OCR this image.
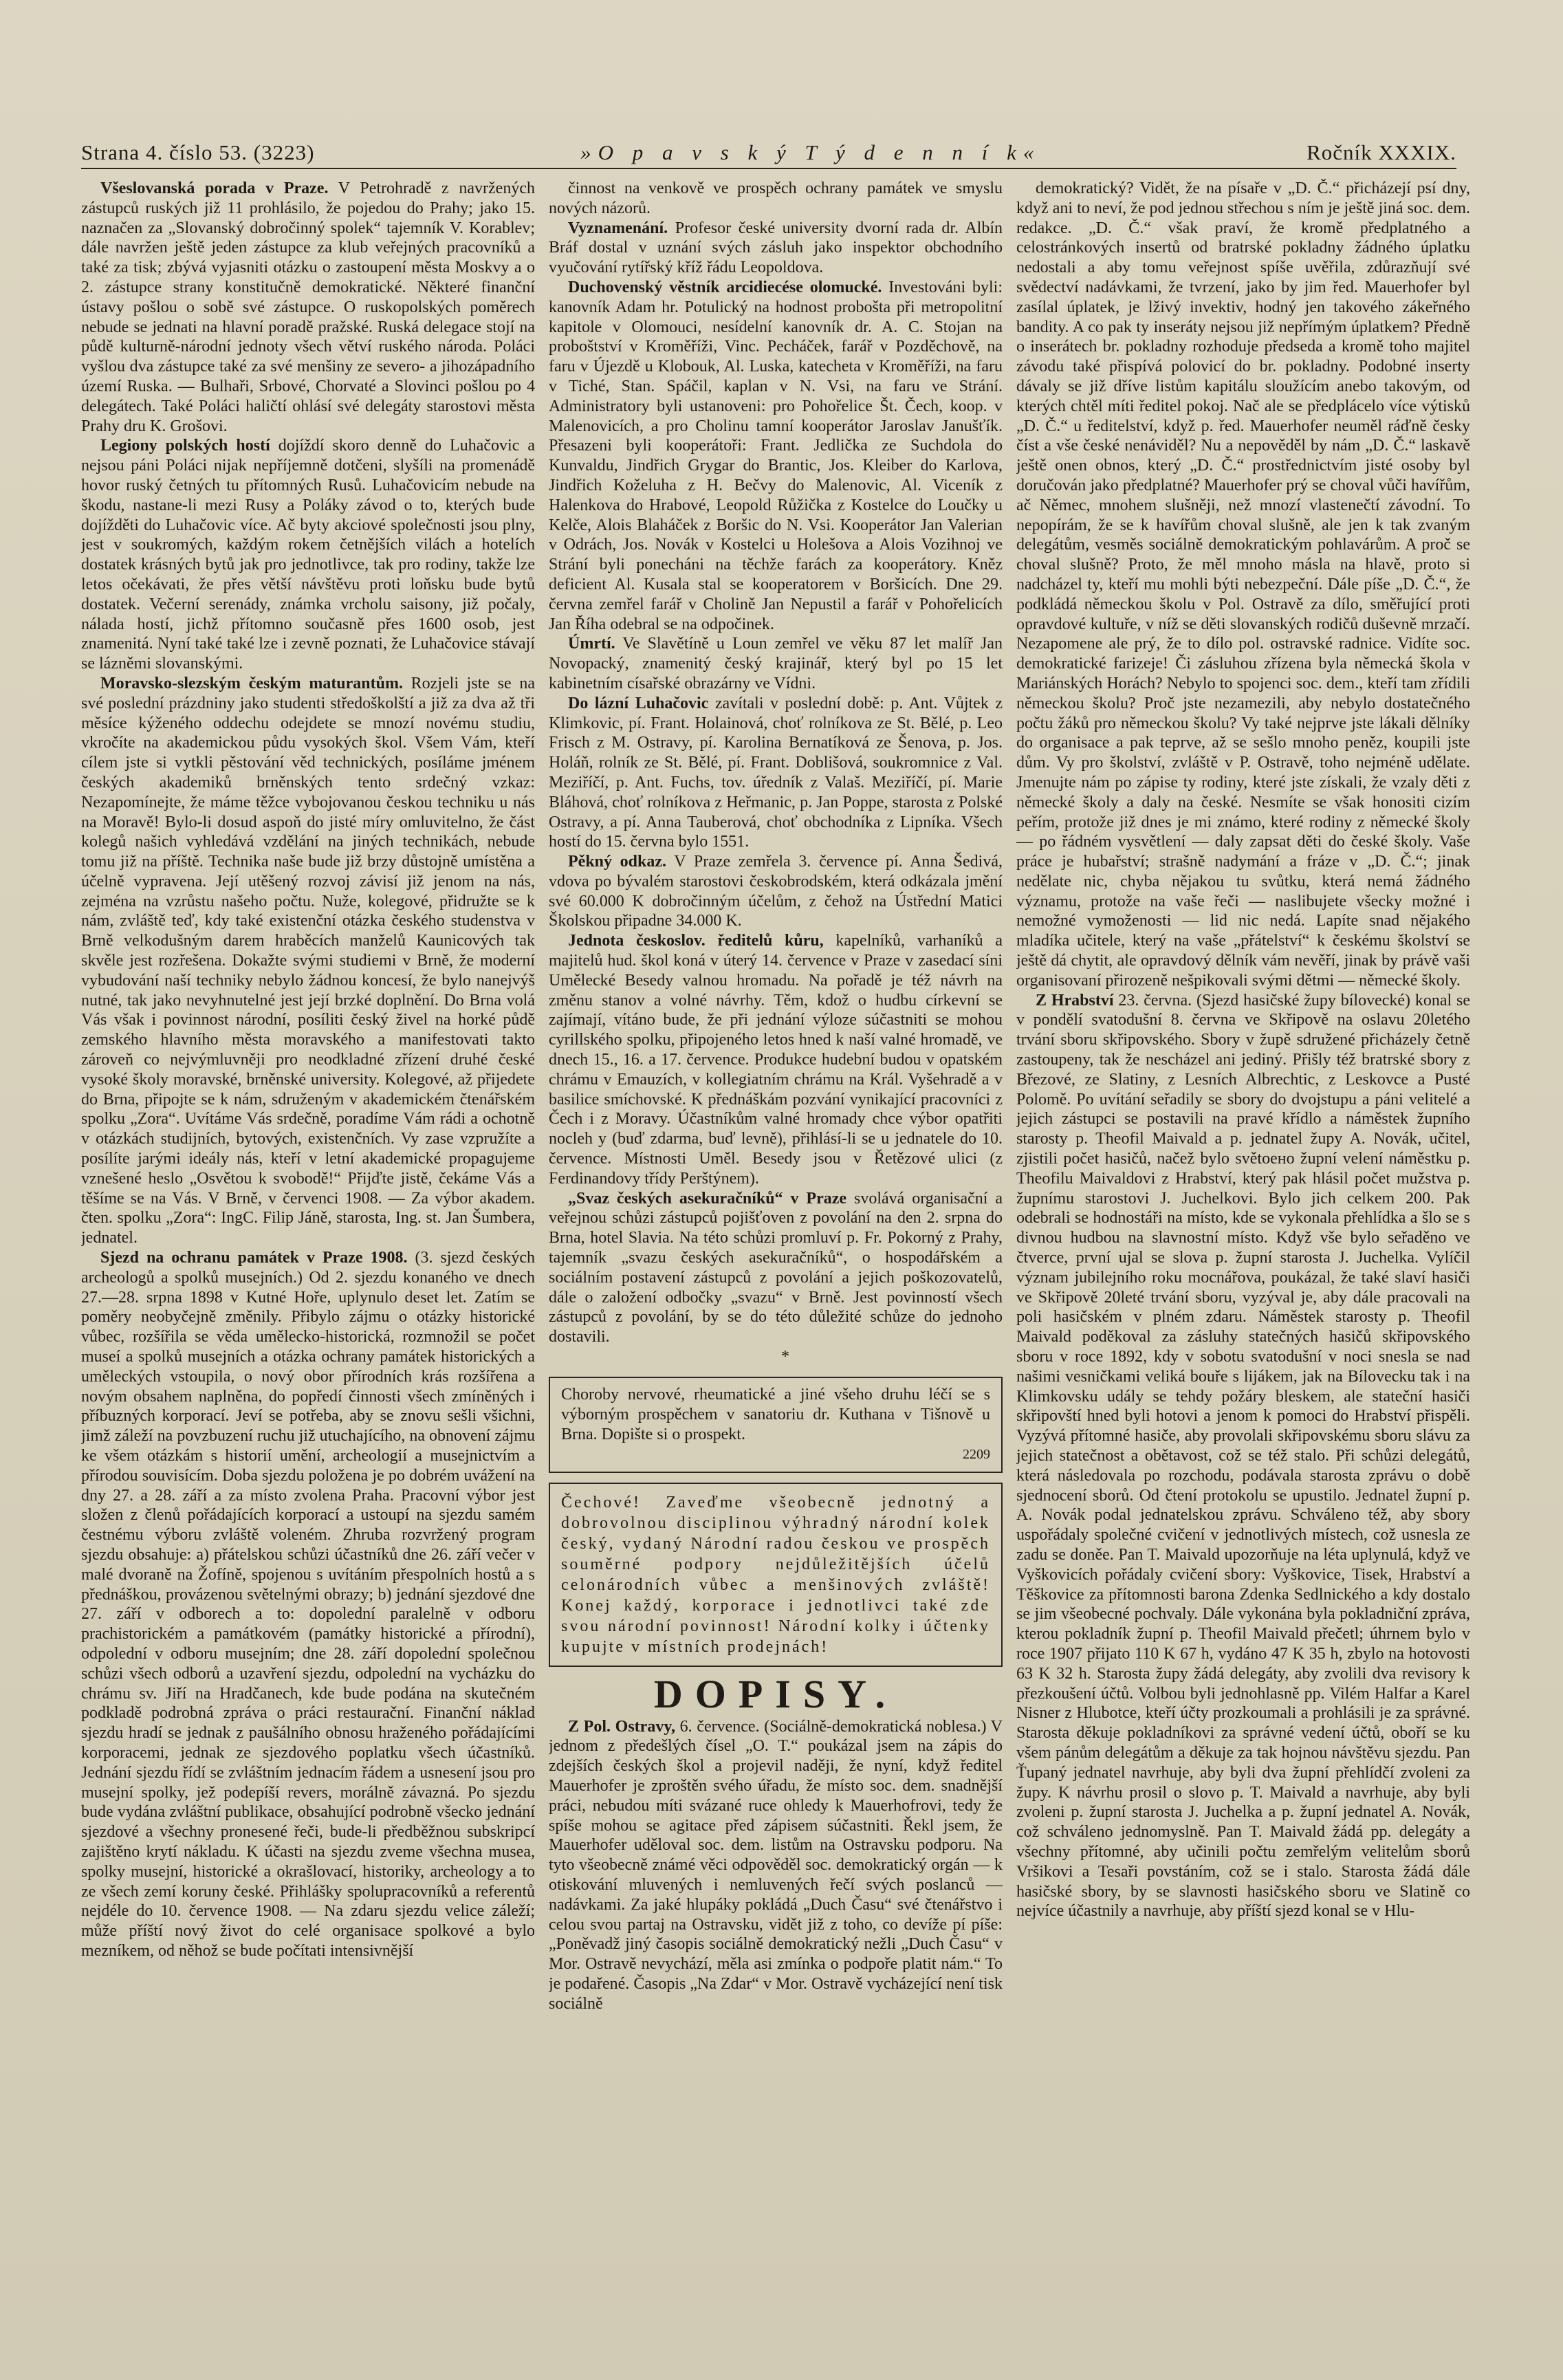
Strana 4. číslo 53. (3223)	»O p a v s k ý T ý d e n n í k«	Ročník XXXIX.

Všeslovanská porada v Praze. V Petrohradě z navržených zástupců ruských již 11 prohlásilo, že pojedou do Prahy; jako 15. naznačen za „Slovanský dobročinný spolek“ tajemník V. Korablev; dále navržen ještě jeden zástupce za klub veřejných pracovníků a také za tisk; zbývá vyjasniti otázku o zastoupení města Moskvy a o 2. zástupce strany konstitučně demokratické. Některé finanční ústavy pošlou o sobě své zástupce. O ruskopolských poměrech nebude se jednati na hlavní poradě pražské. Ruská delegace stojí na půdě kulturně-národní jednoty všech větví ruského národa. Poláci vyšlou dva zástupce také za své menšiny ze severo- a jihozápadního území Ruska. — Bulhaři, Srbové, Chorvaté a Slovinci pošlou po 4 delegátech. Také Poláci haličtí ohlásí své delegáty starostovi města Prahy dru K. Grošovi.

Legiony polských hostí dojíždí skoro denně do Luhačovic a nejsou páni Poláci nijak nepříjemně dotčeni, slyšíli na promenádě hovor ruský četných tu přítomných Rusů. Luhačovicím nebude na škodu, nastane-li mezi Rusy a Poláky závod o to, kterých bude dojížděti do Luhačovic více. Ač byty akciové společnosti jsou plny, jest v soukromých, každým rokem četnějších vilách a hotelích dostatek krásných bytů jak pro jednotlivce, tak pro rodiny, takže lze letos očekávati, že přes větší návštěvu proti loňsku bude bytů dostatek. Večerní serenády, známka vrcholu saisony, již počaly, nálada hostí, jichž přítomno současně přes 1600 osob, jest znamenitá. Nyní také také lze i zevně poznati, že Luhačovice stávají se lázněmi slovanskými.

Moravsko-slezským českým maturantům. Rozjeli jste se na své poslední prázdniny jako studenti středoškolští a již za dva až tři měsíce kýženého oddechu odejdete se mnozí novému studiu, vkročíte na akademickou půdu vysokých škol. Všem Vám, kteří cílem jste si vytkli pěstování věd technických, posíláme jménem českých akademiků brněnských tento srdečný vzkaz: Nezapomínejte, že máme těžce vybojovanou českou techniku u nás na Moravě! Bylo-li dosud aspoň do jisté míry omluvitelno, že část kolegů našich vyhledává vzdělání na jiných technikách, nebude tomu již na příště. Technika naše bude již brzy důstojně umístěna a účelně vypravena. Její utěšený rozvoj závisí již jenom na nás, zejména na vzrůstu našeho počtu. Nuže, kolegové, přidružte se k nám, zvláště teď, kdy také existenční otázka českého studenstva v Brně velkodušným darem hraběcích manželů Kaunicových tak skvěle jest rozřešena. Dokažte svými studiemi v Brně, že moderní vybudování naší techniky nebylo žádnou koncesí, že bylo nanejvýš nutné, tak jako nevyhnutelné jest její brzké doplnění. Do Brna volá Vás však i povinnost národní, posíliti český živel na horké půdě zemského hlavního města moravského a manifestovati takto zároveň co nejvýmluvněji pro neodkladné zřízení druhé české vysoké školy moravské, brněnské university. Kolegové, až přijedete do Brna, připojte se k nám, sdruženým v akademickém čtenářském spolku „Zora“. Uvítáme Vás srdečně, poradíme Vám rádi a ochotně v otázkách studijních, bytových, existenčních. Vy zase vzpružíte a posílíte jarými ideály nás, kteří v letní akademické propagujeme vznešené heslo „Osvětou k svobodě!“ Přijďte jistě, čekáme Vás a těšíme se na Vás. V Brně, v červenci 1908. — Za výbor akadem. čten. spolku „Zora“: IngC. Filip Jáně, starosta, Ing. st. Jan Šumbera, jednatel.

Sjezd na ochranu památek v Praze 1908. (3. sjezd českých archeologů a spolků musejních.) Od 2. sjezdu konaného ve dnech 27.—28. srpna 1898 v Kutné Hoře, uplynulo deset let. Zatím se poměry neobyčejně změnily. Přibylo zájmu o otázky historické vůbec, rozšířila se věda umělecko-historická, rozmnožil se počet museí a spolků musejních a otázka ochrany památek historických a uměleckých vstoupila, o nový obor přírodních krás rozšířena a novým obsahem naplněna, do popředí činnosti všech zmíněných i příbuzných korporací. Jeví se potřeba, aby se znovu sešli všichni, jimž záleží na povzbuzení ruchu již utuchajícího, na obnovení zájmu ke všem otázkám s historií umění, archeologií a musejnictvím a přírodou souvisícím. Doba sjezdu položena je po dobrém uvážení na dny 27. a 28. září a za místo zvolena Praha. Pracovní výbor jest složen z členů pořádajících korporací a ustoupí na sjezdu samém čestnému výboru zvláště voleném. Zhruba rozvržený program sjezdu obsahuje: a) přátelskou schůzi účastníků dne 26. září večer v malé dvoraně na Žofíně, spojenou s uvítáním přespolních hostů a s přednáškou, provázenou světelnými obrazy; b) jednání sjezdové dne 27. září v odborech a to: dopolední paralelně v odboru prachistorickém a památkovém (památky historické a přírodní), odpolední v odboru musejním; dne 28. září dopolední společnou schůzi všech odborů a uzavření sjezdu, odpolední na vycházku do chrámu sv. Jiří na Hradčanech, kde bude podána na skutečném podkladě podrobná zpráva o práci restaurační. Finanční náklad sjezdu hradí se jednak z paušálního obnosu hraženého pořádajícími korporacemi, jednak ze sjezdového poplatku všech účastníků. Jednání sjezdu řídí se zvláštním jednacím řádem a usnesení jsou pro musejní spolky, jež podepíší revers, morálně závazná. Po sjezdu bude vydána zvláštní publikace, obsahující podrobně všecko jednání sjezdové a všechny pronesené řeči, bude-li předběžnou subskripcí zajištěno krytí nákladu. K účasti na sjezdu zveme všechna musea, spolky musejní, historické a okrašlovací, historiky, archeology a to ze všech zemí koruny české. Přihlášky spolupracovníků a referentů nejdéle do 10. července 1908. — Na zdaru sjezdu velice záleží; může příští nový život do celé organisace spolkové a bylo mezníkem, od něhož se bude počítati intensivnější

činnost na venkově ve prospěch ochrany památek ve smyslu nových názorů.

Vyznamenání. Profesor české university dvorní rada dr. Albín Bráf dostal v uznání svých zásluh jako inspektor obchodního vyučování rytířský kříž řádu Leopoldova.

Duchovenský věstník arcidiecése olomucké. Investováni byli: kanovník Adam hr. Potulický na hodnost proboštа při metropolitní kapitole v Olomouci, nesídelní kanovník dr. A. C. Stojan na proboštství v Kroměříži, Vinc. Pecháček, farář v Pozděchově, na faru v Újezdě u Klobouk, Al. Luska, katecheta v Kroměříži, na faru v Tiché, Stan. Spáčil, kaplan v N. Vsi, na faru ve Strání. Administratory byli ustanoveni: pro Pohořelice Št. Čech, koop. v Malenovicích, a pro Cholinu tamní kooperátor Jaroslav Janušťík. Přesazeni byli kooperátoři: Frant. Jedlička ze Suchdola do Kunvaldu, Jindřich Grygar do Brantic, Jos. Kleiber do Karlova, Jindřich Koželuha z H. Bečvy do Malenovic, Al. Viceník z Halenkova do Hrabové, Leopold Růžička z Kostelce do Loučky u Kelče, Alois Blaháček z Boršic do N. Vsi. Kooperátor Jan Valerian v Odrách, Jos. Novák v Kostelci u Holešova a Alois Vozihnoj ve Strání byli ponecháni na těchže farách za kooperátory. Kněz deficient Al. Kusala stal se kooperatorem v Boršicích. Dne 29. června zemřel farář v Cholině Jan Nepustil a farář v Pohořelicích Jan Říha odebral se na odpočinek.

Úmrtí. Ve Slavětíně u Loun zemřel ve věku 87 let malíř Jan Novopacký, znamenitý český krajinář, který byl po 15 let kabinetním císařské obrazárny ve Vídni.

Do lázní Luhačovic zavítali v poslední době: p. Ant. Vůjtek z Klimkovic, pí. Frant. Holainová, choť rolníkova ze St. Bělé, p. Leo Frisch z M. Ostravy, pí. Karolina Bernatíková ze Šenova, p. Jos. Holáň, rolník ze St. Bělé, pí. Frant. Doblišová, soukromnice z Val. Meziříčí, p. Ant. Fuchs, tov. úředník z Valaš. Meziříčí, pí. Marie Bláhová, choť rolníkova z Heřmanic, p. Jan Poppe, starosta z Polské Ostravy, a pí. Anna Tauberová, choť obchodníka z Lipníka. Všech hostí do 15. června bylo 1551.

Pěkný odkaz. V Praze zemřela 3. července pí. Anna Šedivá, vdova po bývalém starostovi českobrodském, která odkázala jmění své 60.000 K dobročinným účelům, z čehož na Ústřední Matici Školskou připadne 34.000 K.

Jednota českoslov. ředitelů kůru, kapelníků, varhaníků a majitelů hud. škol koná v úterý 14. července v Praze v zasedací síni Umělecké Besedy valnou hromadu. Na pořadě je též návrh na změnu stanov a volné návrhy. Těm, kdož o hudbu církevní se zajímají, vítáno bude, že při jednání výloze súčastniti se mohou cyrillského spolku, připojeného letos hned k naší valné hromadě, ve dnech 15., 16. a 17. července. Produkce hudební budou v opatském chrámu v Emauzích, v kollegiatním chrámu na Král. Vyšehradě a v basilice smíchovské. K přednáškám pozvání vynikající pracovníci z Čech i z Moravy. Účastníkům valné hromady chce výbor opatřiti nocleh y (buď zdarma, buď levně), přihlásí-li se u jednatele do 10. července. Místnosti Uměl. Besedy jsou v Řetězové ulici (z Ferdinandovy třídy Perštýnem).

„Svaz českých asekuračníků“ v Praze svolává organisační a veřejnou schůzi zástupců pojišťoven z povolání na den 2. srpna do Brna, hotel Slavia. Na této schůzi promluví p. Fr. Pokorný z Prahy, tajemník „svazu českých asekuračníků“, o hospodářském a sociálním postavení zástupců z povolání a jejich poškozovatelů, dále o založení odbočky „svazu“ v Brně. Jest povinností všech zástupců z povolání, by se do této důležité schůze do jednoho dostavili.

*

Choroby nervové, rheumatické a jiné všeho druhu léčí se s výborným prospěchem v sanatoriu dr. Kuthana v Tišnově u Brna. Dopište si o prospekt.
2209
Čechové! Zaveďme všeobecně jednotný a dobrovolnou disciplinou výhradný národní kolek český, vydaný Národní radou českou ve prospěch souměrné podpory nejdůležitějších účelů celonárodních vůbec a menšinových zvláště! Konej každý, korporace i jednotlivci také zde svou národní povinnost! Národní kolky i účtenky kupujte v místních prodejnách!
DOPISY.

Z Pol. Ostravy, 6. července. (Sociálně-demokratická noblesa.) V jednom z předešlých čísel „O. T.“ poukázal jsem na zápis do zdejších českých škol a projevil naději, že nyní, když ředitel Mauerhofer je zproštěn svého úřadu, že místo soc. dem. snadnější práci, nebudou míti svázané ruce ohledy k Mauerhofrovi, tedy že spíše mohou se agitace před zápisem súčastniti. Řekl jsem, že Mauerhofer uděloval soc. dem. listům na Ostravsku podporu. Na tyto všeobecně známé věci odpověděl soc. demokratický orgán — k otiskování mluvených i nemluvených řečí svých poslanců — nadávkami. Za jaké hlupáky pokládá „Duch Času“ své čtenářstvo i celou svou partaj na Ostravsku, vidět již z toho, co devíže pí píše: „Poněvadž jiný časopis sociálně demokratický nežli „Duch Času“ v Mor. Ostravě nevychází, měla asi zmínka o podpoře platit nám.“ To je podařené. Časopis „Na Zdar“ v Mor. Ostravě vycházející není tisk sociálně

demokratický? Vidět, že na písaře v „D. Č.“ přicházejí psí dny, když ani to neví, že pod jednou střechou s ním je ještě jiná soc. dem. redakce. „D. Č.“ však praví, že kromě předplatného a celostránkových insertů od bratrské pokladny žádného úplatku nedostali a aby tomu veřejnost spíše uvěřila, zdůrazňují své svědectví nadávkami, že tvrzení, jako by jim řed. Mauerhofer byl zasílal úplatek, je lživý invektiv, hodný jen takového zákeřného bandity. A co pak ty inseráty nejsou již nepřímým úplatkem? Předně o inserátech br. pokladny rozhoduje předseda a kromě toho majitel závodu také přispívá polovicí do br. pokladny. Podobné inserty dávaly se již dříve listům kapitálu sloužícím anebo takovým, od kterých chtěl míti ředitel pokoj. Nač ale se předplácelo více výtisků „D. Č.“ u ředitelství, když p. řed. Mauerhofer neuměl ráďně česky číst a vše české nenáviděl? Nu a nepověděl by nám „D. Č.“ laskavě ještě onen obnos, který „D. Č.“ prostřednictvím jisté osoby byl doručován jako předplatné? Mauerhofer prý se choval vůči havířům, ač Němec, mnohem slušněji, než mnozí vlastenečtí závodní. To nepopírám, že se k havířům choval slušně, ale jen k tak zvaným delegátům, vesměs sociálně demokratickým pohlavárům. A proč se choval slušně? Proto, že měl mnoho másla na hlavě, proto si nadcházel ty, kteří mu mohli býti nebezpeční. Dále píše „D. Č.“, že podkládá německou školu v Pol. Ostravě za dílo, směřující proti opravdové kultuře, v níž se děti slovanských rodičů duševně mrzačí. Nezapomene ale prý, že to dílo pol. ostravské radnice. Vidíte soc. demokratické farizeje! Či zásluhou zřízena byla německá škola v Mariánských Horách? Nebylo to spojenci soc. dem., kteří tam zřídili německou školu? Proč jste nezamezili, aby nebylo dostatečného počtu žáků pro německou školu? Vy také nejprve jste lákali dělníky do organisace a pak teprve, až se sešlo mnoho peněz, koupili jste dům. Vy pro školství, zvláště v P. Ostravě, toho nejméně udělate. Jmenujte nám po zápise ty rodiny, které jste získali, že vzaly děti z německé školy a daly na české. Nesmíte se však honositi cizím peřím, protože již dnes je mi známo, které rodiny z německé školy — po řádném vysvětlení — daly zapsat děti do české školy. Vaše práce je hubařství; strašně nadymání a fráze v „D. Č.“; jinak nedělate nic, chyba nějakou tu svůtku, která nemá žádného významu, protože na vaše řeči — naslibujete všecky možné i nemožné vymoženosti — lid nic nedá. Lapíte snad nějakého mladíka učitele, který na vaše „přátelství“ k českému školství se ještě dá chytit, ale opravdový dělník vám nevěří, jinak by právě vaši organisovaní přirozeně nešpikovali svými dětmi — německé školy.

Z Hrabství 23. června. (Sjezd hasičské župy bílovecké) konal se v pondělí svatodušní 8. června ve Skřipově na oslavu 20letého trvání sboru skřipovského. Sbory v župě sdružené přicházely četně zastoupeny, tak že nescházel ani jediný. Přišly též bratrské sbory z Březové, ze Slatiny, z Lesních Albrechtic, z Leskovce a Pusté Polomě. Po uvítání seřadily se sbory do dvojstupu a páni velitelé a jejich zástupci se postavili na pravé křídlo a náměstek župního starosty p. Theofil Maivald a p. jednatel župy A. Novák, učitel, zjistili počet hasičů, načež bylo světoено župní velení náměstku p. Theofilu Maivaldovi z Hrabství, který pak hlásil počet mužstva p. župnímu starostovi J. Juchelkovi. Bylo jich celkem 200. Pak odebrali se hodnostáři na místo, kde se vykonala přehlídka a šlo se s divnou hudbou na slavnostní místo. Když vše bylo seřaděno ve čtverce, první ujal se slova p. župní starosta J. Juchelka. Vylíčil význam jubilejního roku mocnářova, poukázal, že také slaví hasiči ve Skřipově 20leté trvání sboru, vyzýval je, aby dále pracovali na poli hasičském v plném zdaru. Náměstek starosty p. Theofil Maivald poděkoval za zásluhy statečných hasičů skřipovského sboru v roce 1892, kdy v sobotu svatodušní v noci snesla se nad našimi vesničkami veliká bouře s lijákem, jak na Bílovecku tak i na Klimkovsku udály se tehdy požáry bleskem, ale stateční hasiči skřipovští hned byli hotovi a jenom k pomoci do Hrabství přispěli. Vyzývá přítomné hasiče, aby provolali skřipovskému sboru slávu za jejich statečnost a obětavost, což se též stalo. Při schůzi delegátů, která následovala po rozchodu, podávala starosta zprávu o době sjednocení sborů. Od čtení protokolu se upustilo. Jednatel župní p. A. Novák podal jednatelskou zprávu. Schváleno též, aby sbory uspořádaly společné cvičení v jednotlivých místech, což usnesla ze zadu se doněe. Pan T. Maivald upozorňuje na léta uplynulá, když ve Vyškovicích pořádaly cvičení sbory: Vyškovice, Tisek, Hrabství a Těškovice za přítomnosti barona Zdenka Sedlnického a kdy dostalo se jim všeobecné pochvaly. Dále vykonána byla pokladniční zpráva, kterou pokladník župní p. Theofil Maivald přečetl; úhrnem bylo v roce 1907 přijato 110 K 67 h, vydáno 47 K 35 h, zbylo na hotovosti 63 K 32 h. Starosta župy žádá delegáty, aby zvolili dva revisory k přezkoušení účtů. Volbou byli jednohlasně pp. Vilém Halfar a Karel Nisner z Hlubotce, kteří účty prozkoumali a prohlásili je za správné. Starosta děkuje pokladníkovi za správné vedení účtů, oboří se ku všem pánům delegátům a děkuje za tak hojnou návštěvu sjezdu. Pan Ťupaný jednatel navrhuje, aby byli dva župní přehlídčí zvoleni za župy. K návrhu prosil o slovo p. T. Maivald a navrhuje, aby byli zvoleni p. župní starosta J. Juchelka a p. župní jednatel A. Novák, což schváleno jednomyslně. Pan T. Maivald žádá pp. delegáty a všechny přítomné, aby učinili počtu zemřelým velitelům sborů Vršikovi a Tesaři povstáním, což se i stalo. Starosta žádá dále hasičské sbory, by se slavnosti hasičského sboru ve Slatině co nejvíce účastnily a navrhuje, aby příští sjezd konal se v Hlu-
